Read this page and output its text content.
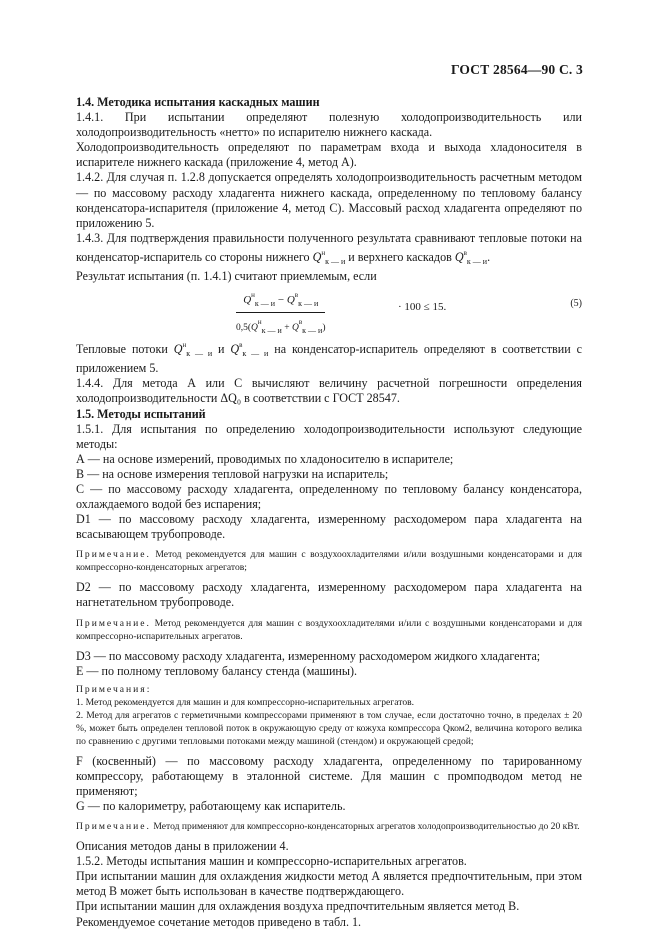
ГОСТ 28564—90 С. 3

1.4. Методика испытания каскадных машин

1.4.1. При испытании определяют полезную холодопроизводительность или холодопроизводительность «нетто» по испарителю нижнего каскада.

Холодопроизводительность определяют по параметрам входа и выхода хладоносителя в испарителе нижнего каскада (приложение 4, метод А).

1.4.2. Для случая п. 1.2.8 допускается определять холодопроизводительность расчетным методом — по массовому расходу хладагента нижнего каскада, определенному по тепловому балансу конденсатора-испарителя (приложение 4, метод С). Массовый расход хладагента определяют по приложению 5.

1.4.3. Для подтверждения правильности полученного результата сравнивают тепловые потоки на конденсатор-испаритель со стороны нижнего $Q^н_{к — и}$ и верхнего каскадов $Q^в_{к — и}$.

Результат испытания (п. 1.4.1) считают приемлемым, если

$Q^н_{к — и} - Q^в_{к — и}$
$0,5(Q^н_{к — и} + Q^в_{к — и})$
· 100 ≤ 15.	(5)

Тепловые потоки $Q^н_{к — и}$ и $Q^в_{к — и}$ на конденсатор-испаритель определяют в соответствии с приложением 5.

1.4.4. Для метода А или С вычисляют величину расчетной погрешности определения холодопроизводительности ΔQ₀ в соответствии с ГОСТ 28547.

1.5. Методы испытаний

1.5.1. Для испытания по определению холодопроизводительности используют следующие методы:

А — на основе измерений, проводимых по хладоносителю в испарителе;

В — на основе измерения тепловой нагрузки на испаритель;

С — по массовому расходу хладагента, определенному по тепловому балансу конденсатора, охлаждаемого водой без испарения;

D1 — по массовому расходу хладагента, измеренному расходомером пара хладагента на всасывающем трубопроводе.

Примечание. Метод рекомендуется для машин с воздухоохладителями и/или воздушными конденсаторами и для компрессорно-конденсаторных агрегатов;

D2 — по массовому расходу хладагента, измеренному расходомером пара хладагента на нагнетательном трубопроводе.

Примечание. Метод рекомендуется для машин с воздухоохладителями и/или с воздушными конденсаторами и для компрессорно-испарительных агрегатов.

D3 — по массовому расходу хладагента, измеренному расходомером жидкого хладагента;

Е — по полному тепловому балансу стенда (машины).

Примечания:
1. Метод рекомендуется для машин и для компрессорно-испарительных агрегатов.
2. Метод для агрегатов с герметичными компрессорами применяют в том случае, если достаточно точно, в пределах ± 20 %, может быть определен тепловой поток в окружающую среду от кожуха компрессора Qком2, величина которого велика по сравнению с другими тепловыми потоками между машиной (стендом) и окружающей средой;

F (косвенный) — по массовому расходу хладагента, определенному по тарированному компрессору, работающему в эталонной системе. Для машин с промподводом метод не применяют;

G — по калориметру, работающему как испаритель.

Примечание. Метод применяют для компрессорно-конденсаторных агрегатов холодопроизводительностью до 20 кВт.

Описания методов даны в приложении 4.

1.5.2. Методы испытания машин и компрессорно-испарительных агрегатов.

При испытании машин для охлаждения жидкости метод А является предпочтительным, при этом метод В может быть использован в качестве подтверждающего.

При испытании машин для охлаждения воздуха предпочтительным является метод В.

Рекомендуемое сочетание методов приведено в табл. 1.
